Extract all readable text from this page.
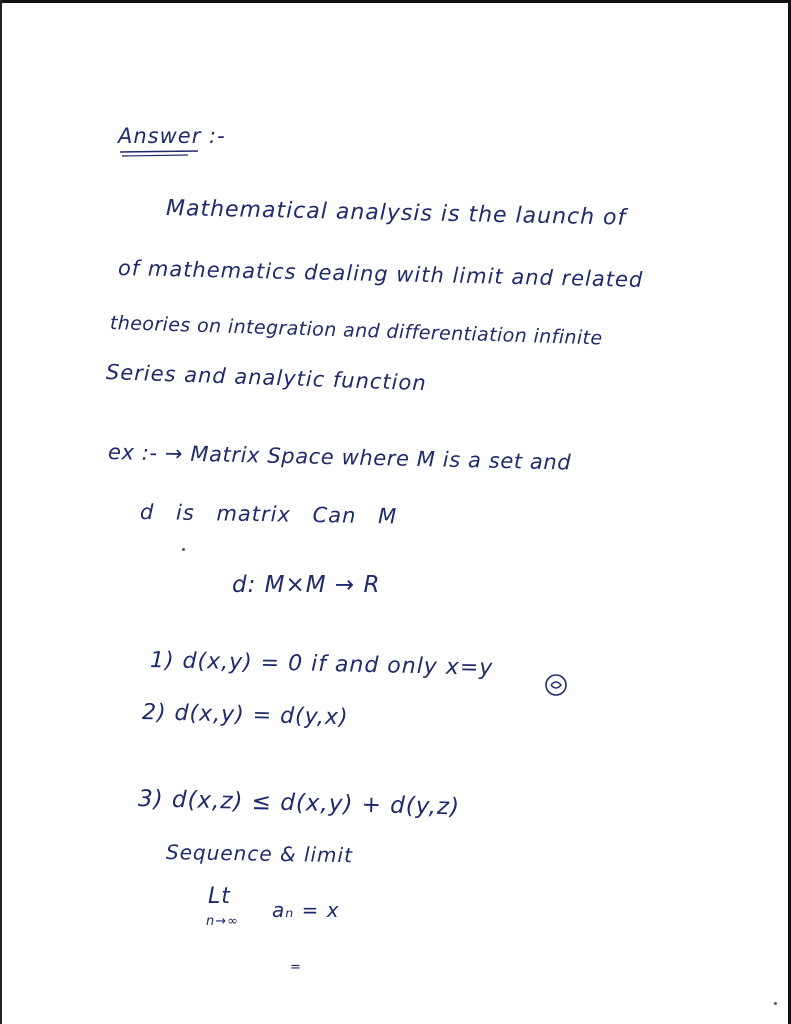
Answer :-
Mathematical analysis is the launch of
of mathematics dealing with limit and related
theories on integration and differentiation infinite
Series and analytic function
ex :- → Matrix Space where M is a set and
d is matrix Can M
d: M×M → R
1) d(x,y) = 0 if and only x=y
2) d(x,y) = d(y,x)
3) d(x,z) ≤ d(x,y) + d(y,z)
Sequence & limit
Lt
n→∞ aₙ = x
=
